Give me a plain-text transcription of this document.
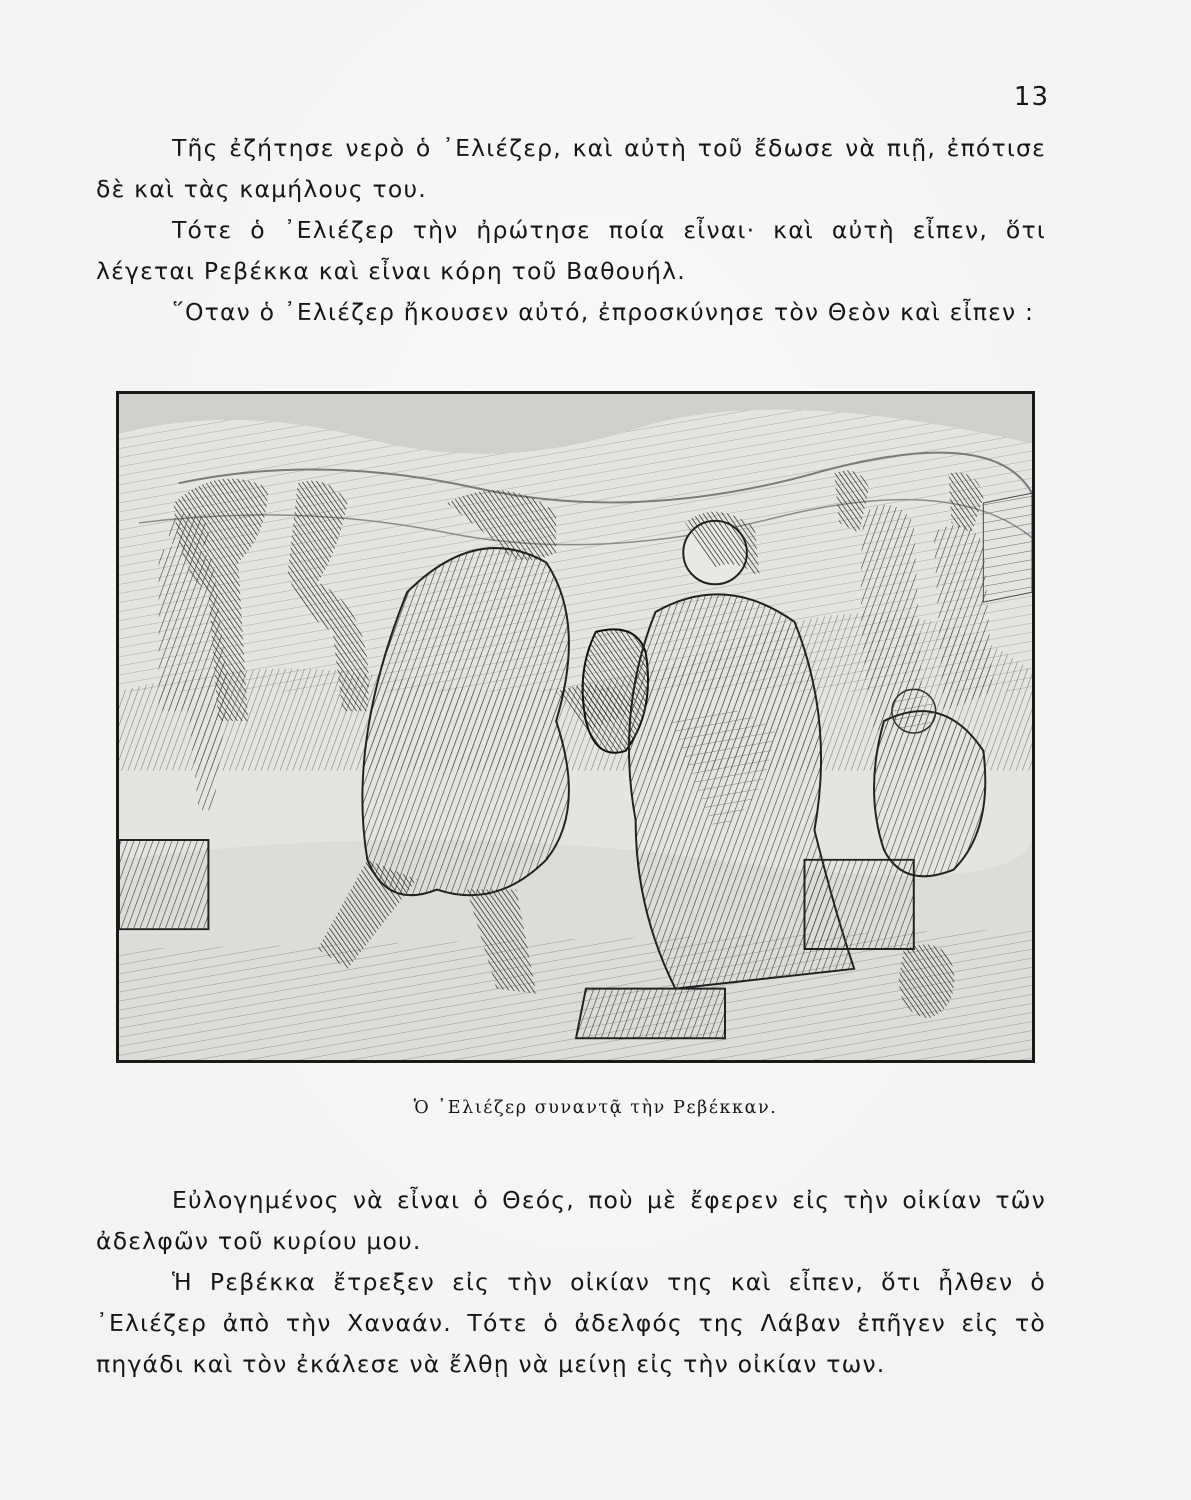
13

Τῆς ἐζήτησε νερὸ ὁ ᾿Ελιέζερ, καὶ αὐτὴ τοῦ ἔδωσε νὰ πιῇ, ἐπότισε δὲ καὶ τὰς καμήλους του.

Τότε ὁ ᾿Ελιέζερ τὴν ἠρώτησε ποία εἶναι· καὶ αὐτὴ εἶπεν, ὅτι λέγεται Ρεβέκκα καὶ εἶναι κόρη τοῦ Βαθουήλ.

῞Οταν ὁ ᾿Ελιέζερ ἤκουσεν αὐτό, ἐπροσκύνησε τὸν Θεὸν καὶ εἶπεν :

Ὁ ᾿Ελιέζερ συναντᾷ τὴν Ρεβέκκαν.

Εὐλογημένος νὰ εἶναι ὁ Θεός, ποὺ μὲ ἔφερεν εἰς τὴν οἰκίαν τῶν ἀδελφῶν τοῦ κυρίου μου.

Ἡ Ρεβέκκα ἔτρεξεν εἰς τὴν οἰκίαν της καὶ εἶπεν, ὅτι ἦλθεν ὁ ᾿Ελιέζερ ἀπὸ τὴν Χαναάν. Τότε ὁ ἀδελφός της Λάβαν ἐπῆγεν εἰς τὸ πηγάδι καὶ τὸν ἐκάλεσε νὰ ἔλθῃ νὰ μείνῃ εἰς τὴν οἰκίαν των.
